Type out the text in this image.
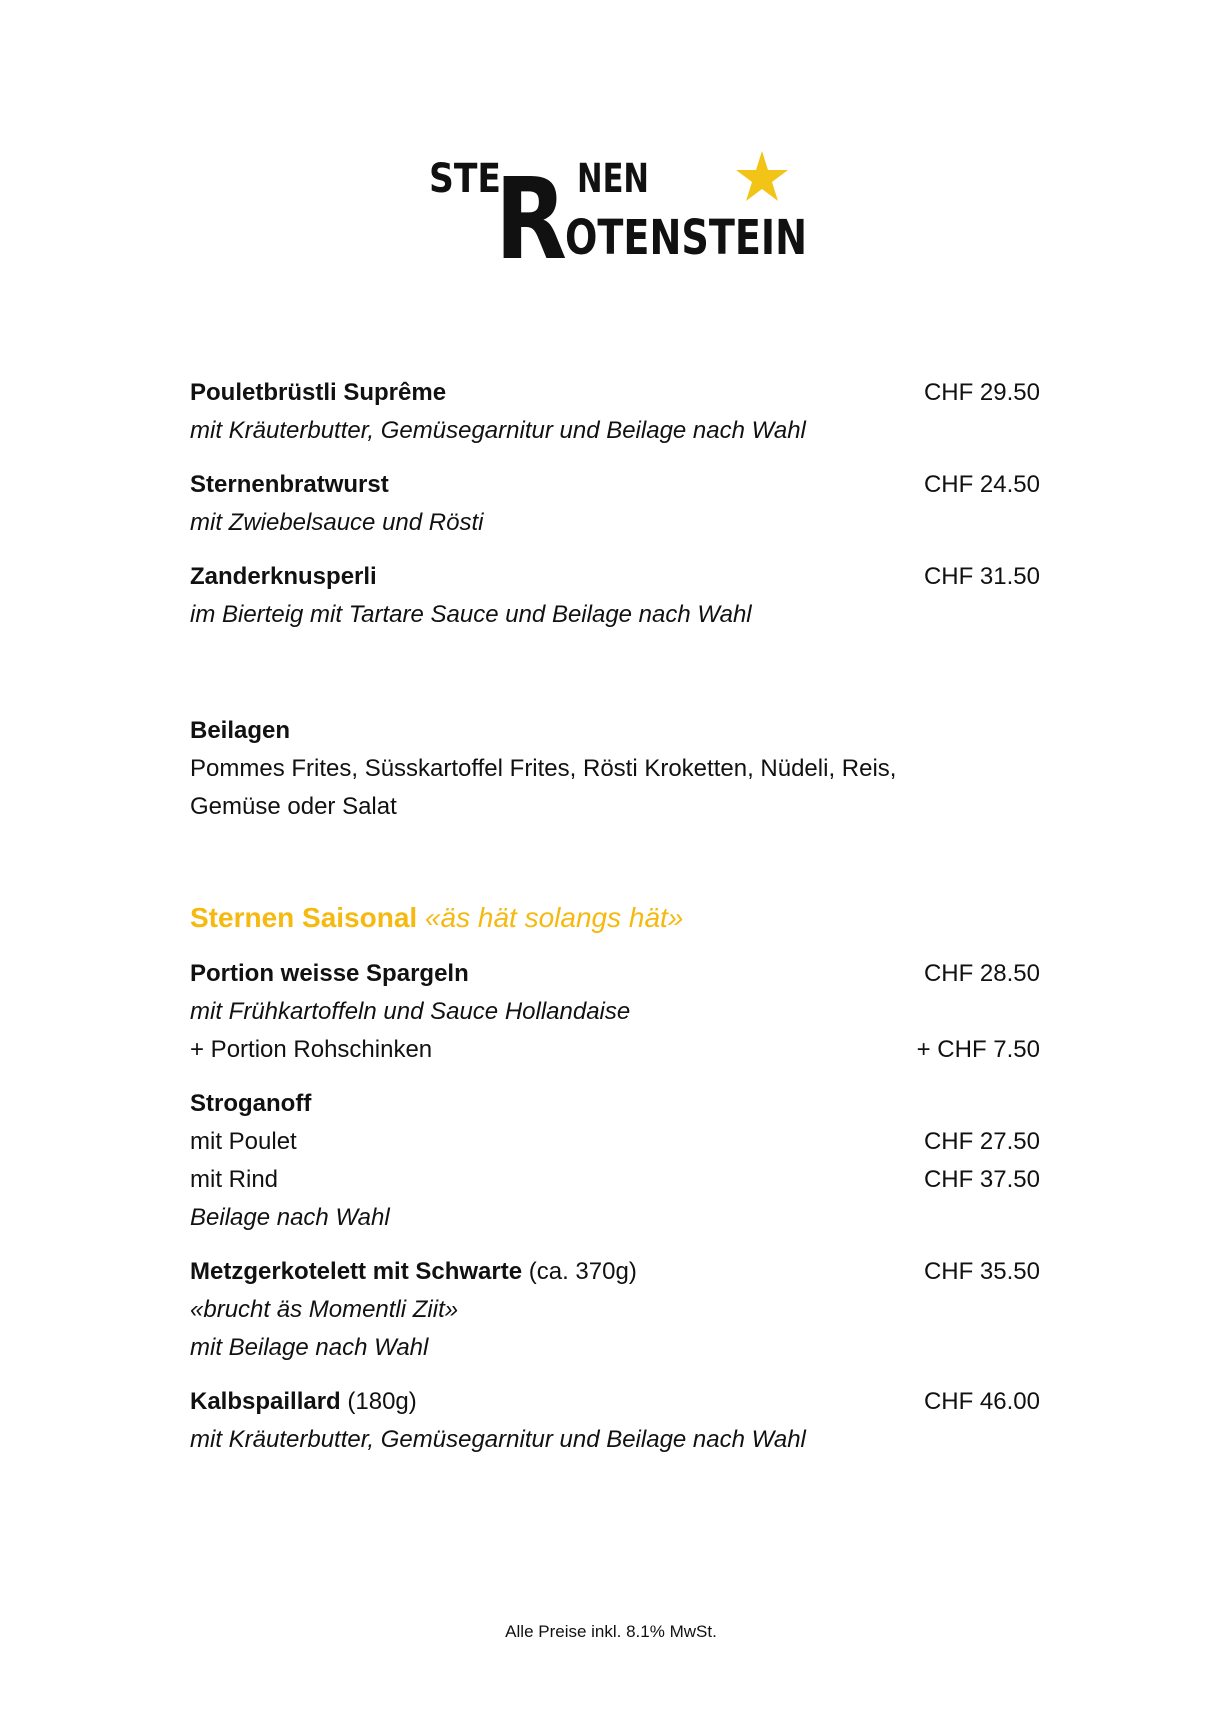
STE
R NEN
OTENSTEIN
Pouletbrüstli Suprême	CHF 29.50
mit Kräuterbutter, Gemüsegarnitur und Beilage nach Wahl
Sternenbratwurst	CHF 24.50
mit Zwiebelsauce und Rösti
Zanderknusperli	CHF 31.50
im Bierteig mit Tartare Sauce und Beilage nach Wahl
Beilagen
Pommes Frites, Süsskartoffel Frites, Rösti Kroketten, Nüdeli, Reis,
Gemüse oder Salat
Sternen Saisonal «äs hät solangs hät»
Portion weisse Spargeln	CHF 28.50
mit Frühkartoffeln und Sauce Hollandaise
+ Portion Rohschinken	+ CHF 7.50
Stroganoff
mit Poulet	CHF 27.50
mit Rind	CHF 37.50
Beilage nach Wahl
Metzgerkotelett mit Schwarte (ca. 370g)	CHF 35.50
«brucht äs Momentli Ziit»
mit Beilage nach Wahl
Kalbspaillard (180g)	CHF 46.00
mit Kräuterbutter, Gemüsegarnitur und Beilage nach Wahl
Alle Preise inkl. 8.1% MwSt.
